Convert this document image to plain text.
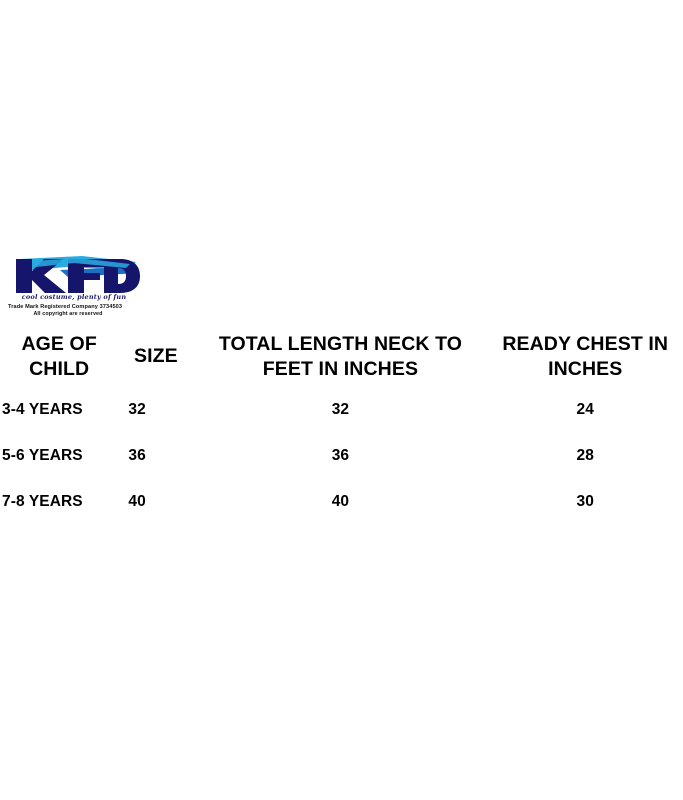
cool costume, plenty of fun
Trade Mark Registered Company 3734503
All copyright are reserved
AGE OF CHILD	SIZE	TOTAL LENGTH NECK TO FEET IN INCHES	READY CHEST IN INCHES
3-4 YEARS	32	32	24
5-6 YEARS	36	36	28
7-8 YEARS	40	40	30
